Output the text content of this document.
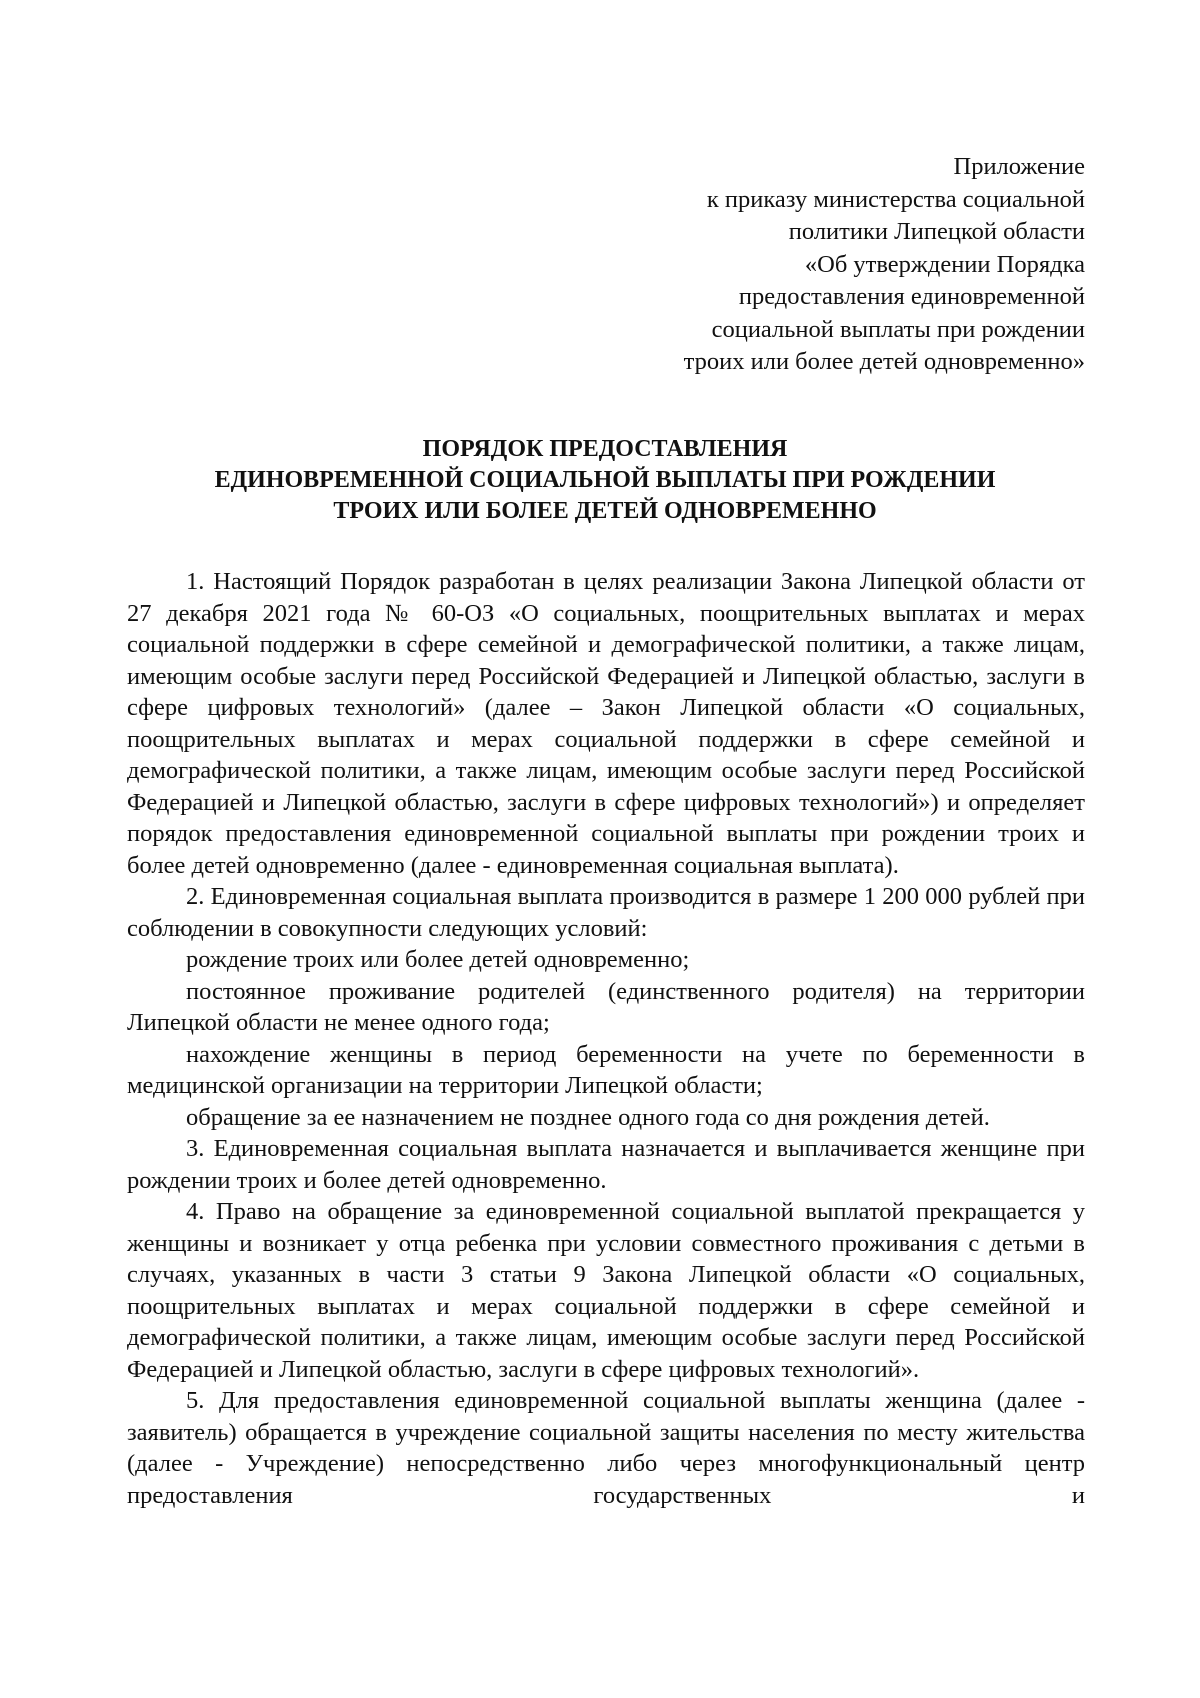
Приложение
к приказу министерства социальной
политики Липецкой области
«Об утверждении Порядка
предоставления единовременной
социальной выплаты при рождении
троих или более детей одновременно»
ПОРЯДОК ПРЕДОСТАВЛЕНИЯ
ЕДИНОВРЕМЕННОЙ СОЦИАЛЬНОЙ ВЫПЛАТЫ ПРИ РОЖДЕНИИ
ТРОИХ ИЛИ БОЛЕЕ ДЕТЕЙ ОДНОВРЕМЕННО

1. Настоящий Порядок разработан в целях реализации Закона Липецкой области от 27 декабря 2021 года № 60-ОЗ «О социальных, поощрительных выплатах и мерах социальной поддержки в сфере семейной и демографической политики, а также лицам, имеющим особые заслуги перед Российской Федерацией и Липецкой областью, заслуги в сфере цифровых технологий» (далее – Закон Липецкой области «О социальных, поощрительных выплатах и мерах социальной поддержки в сфере семейной и демографической политики, а также лицам, имеющим особые заслуги перед Российской Федерацией и Липецкой областью, заслуги в сфере цифровых технологий») и определяет порядок предоставления единовременной социальной выплаты при рождении троих и более детей одновременно (далее - единовременная социальная выплата).

2. Единовременная социальная выплата производится в размере 1 200 000 рублей при соблюдении в совокупности следующих условий:

рождение троих или более детей одновременно;

постоянное проживание родителей (единственного родителя) на территории Липецкой области не менее одного года;

нахождение женщины в период беременности на учете по беременности в медицинской организации на территории Липецкой области;

обращение за ее назначением не позднее одного года со дня рождения детей.

3. Единовременная социальная выплата назначается и выплачивается женщине при рождении троих и более детей одновременно.

4. Право на обращение за единовременной социальной выплатой прекращается у женщины и возникает у отца ребенка при условии совместного проживания с детьми в случаях, указанных в части 3 статьи 9 Закона Липецкой области «О социальных, поощрительных выплатах и мерах социальной поддержки в сфере семейной и демографической политики, а также лицам, имеющим особые заслуги перед Российской Федерацией и Липецкой областью, заслуги в сфере цифровых технологий».

5. Для предоставления единовременной социальной выплаты женщина (далее - заявитель) обращается в учреждение социальной защиты населения по месту жительства (далее - Учреждение) непосредственно либо через многофункциональный центр предоставления государственных и
